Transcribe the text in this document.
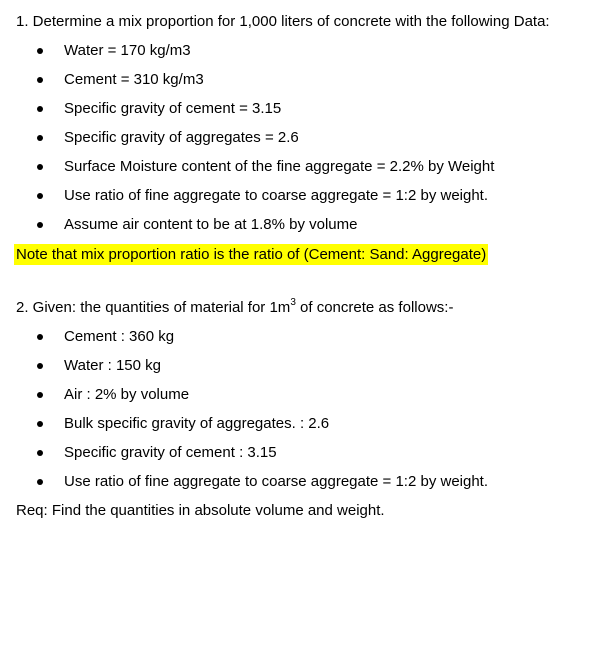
1. Determine a mix proportion for 1,000 liters of concrete with the following Data:
Water = 170 kg/m3
Cement = 310 kg/m3
Specific gravity of cement = 3.15
Specific gravity of aggregates = 2.6
Surface Moisture content of the fine aggregate = 2.2% by Weight
Use ratio of fine aggregate to coarse aggregate = 1:2 by weight.
Assume air content to be at 1.8% by volume
Note that mix proportion ratio is the ratio of (Cement: Sand: Aggregate)
2. Given: the quantities of material for $1m^3$ of concrete as follows:-
Cement : 360 kg
Water : 150 kg
Air : 2% by volume
Bulk specific gravity of aggregates. : 2.6
Specific gravity of cement : 3.15
Use ratio of fine aggregate to coarse aggregate = 1:2 by weight.
Req: Find the quantities in absolute volume and weight.
